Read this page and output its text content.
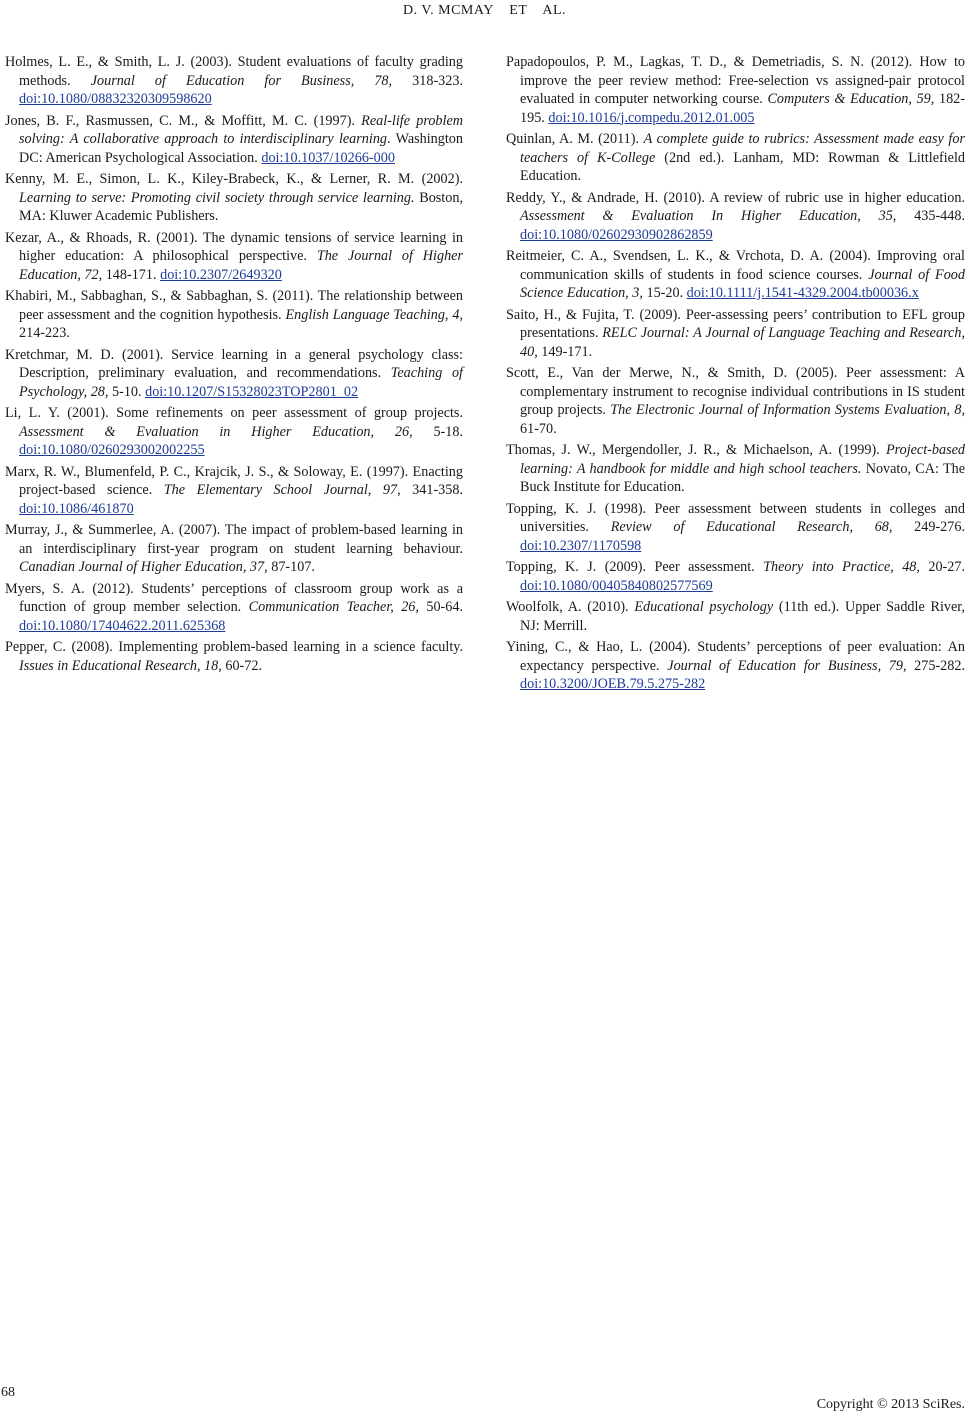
D. V. MCMAY    ET    AL.

Holmes, L. E., & Smith, L. J. (2003). Student evaluations of faculty grading methods. Journal of Education for Business, 78, 318-323. doi:10.1080/08832320309598620

Jones, B. F., Rasmussen, C. M., & Moffitt, M. C. (1997). Real-life problem solving: A collaborative approach to interdisciplinary learning. Washington DC: American Psychological Association. doi:10.1037/10266-000

Kenny, M. E., Simon, L. K., Kiley-Brabeck, K., & Lerner, R. M. (2002). Learning to serve: Promoting civil society through service learning. Boston, MA: Kluwer Academic Publishers.

Kezar, A., & Rhoads, R. (2001). The dynamic tensions of service learning in higher education: A philosophical perspective. The Journal of Higher Education, 72, 148-171. doi:10.2307/2649320

Khabiri, M., Sabbaghan, S., & Sabbaghan, S. (2011). The relationship between peer assessment and the cognition hypothesis. English Language Teaching, 4, 214-223.

Kretchmar, M. D. (2001). Service learning in a general psychology class: Description, preliminary evaluation, and recommendations. Teaching of Psychology, 28, 5-10. doi:10.1207/S15328023TOP2801_02

Li, L. Y. (2001). Some refinements on peer assessment of group projects. Assessment & Evaluation in Higher Education, 26, 5-18. doi:10.1080/0260293002002255

Marx, R. W., Blumenfeld, P. C., Krajcik, J. S., & Soloway, E. (1997). Enacting project-based science. The Elementary School Journal, 97, 341-358. doi:10.1086/461870

Murray, J., & Summerlee, A. (2007). The impact of problem-based learning in an interdisciplinary first-year program on student learning behaviour. Canadian Journal of Higher Education, 37, 87-107.

Myers, S. A. (2012). Students’ perceptions of classroom group work as a function of group member selection. Communication Teacher, 26, 50-64. doi:10.1080/17404622.2011.625368

Pepper, C. (2008). Implementing problem-based learning in a science faculty. Issues in Educational Research, 18, 60-72.

Papadopoulos, P. M., Lagkas, T. D., & Demetriadis, S. N. (2012). How to improve the peer review method: Free-selection vs assigned-pair protocol evaluated in computer networking course. Computers & Education, 59, 182-195. doi:10.1016/j.compedu.2012.01.005

Quinlan, A. M. (2011). A complete guide to rubrics: Assessment made easy for teachers of K-College (2nd ed.). Lanham, MD: Rowman & Littlefield Education.

Reddy, Y., & Andrade, H. (2010). A review of rubric use in higher education. Assessment & Evaluation In Higher Education, 35, 435-448. doi:10.1080/02602930902862859

Reitmeier, C. A., Svendsen, L. K., & Vrchota, D. A. (2004). Improving oral communication skills of students in food science courses. Journal of Food Science Education, 3, 15-20. doi:10.1111/j.1541-4329.2004.tb00036.x

Saito, H., & Fujita, T. (2009). Peer-assessing peers’ contribution to EFL group presentations. RELC Journal: A Journal of Language Teaching and Research, 40, 149-171.

Scott, E., Van der Merwe, N., & Smith, D. (2005). Peer assessment: A complementary instrument to recognise individual contributions in IS student group projects. The Electronic Journal of Information Systems Evaluation, 8, 61-70.

Thomas, J. W., Mergendoller, J. R., & Michaelson, A. (1999). Project-based learning: A handbook for middle and high school teachers. Novato, CA: The Buck Institute for Education.

Topping, K. J. (1998). Peer assessment between students in colleges and universities. Review of Educational Research, 68, 249-276. doi:10.2307/1170598

Topping, K. J. (2009). Peer assessment. Theory into Practice, 48, 20-27. doi:10.1080/00405840802577569

Woolfolk, A. (2010). Educational psychology (11th ed.). Upper Saddle River, NJ: Merrill.

Yining, C., & Hao, L. (2004). Students’ perceptions of peer evaluation: An expectancy perspective. Journal of Education for Business, 79, 275-282. doi:10.3200/JOEB.79.5.275-282

68
Copyright © 2013 SciRes.
